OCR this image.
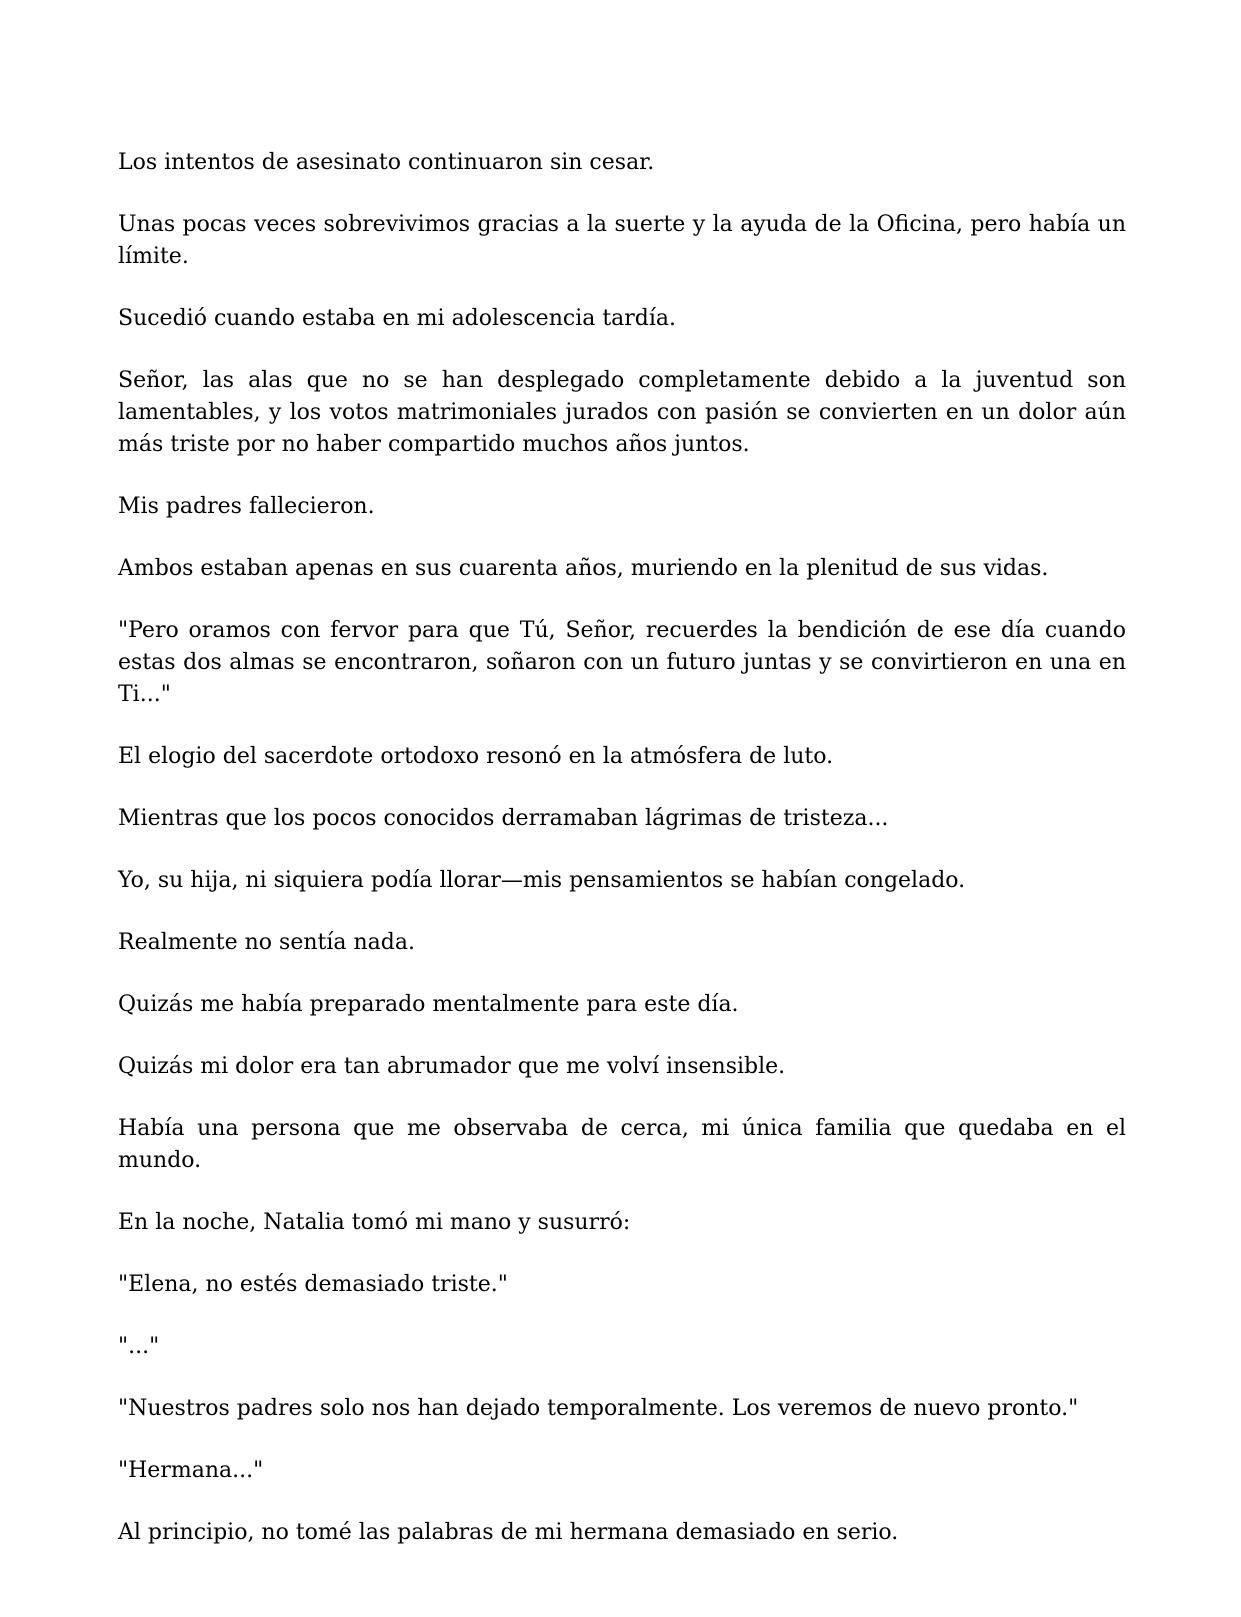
Los intentos de asesinato continuaron sin cesar.

Unas pocas veces sobrevivimos gracias a la suerte y la ayuda de la Oficina, pero había un límite.

Sucedió cuando estaba en mi adolescencia tardía.

Señor, las alas que no se han desplegado completamente debido a la juventud son lamentables, y los votos matrimoniales jurados con pasión se convierten en un dolor aún más triste por no haber compartido muchos años juntos.

Mis padres fallecieron.

Ambos estaban apenas en sus cuarenta años, muriendo en la plenitud de sus vidas.

"Pero oramos con fervor para que Tú, Señor, recuerdes la bendición de ese día cuando estas dos almas se encontraron, soñaron con un futuro juntas y se convirtieron en una en Ti..."

El elogio del sacerdote ortodoxo resonó en la atmósfera de luto.

Mientras que los pocos conocidos derramaban lágrimas de tristeza...

Yo, su hija, ni siquiera podía llorar—mis pensamientos se habían congelado.

Realmente no sentía nada.

Quizás me había preparado mentalmente para este día.

Quizás mi dolor era tan abrumador que me volví insensible.

Había una persona que me observaba de cerca, mi única familia que quedaba en el mundo.

En la noche, Natalia tomó mi mano y susurró:

"Elena, no estés demasiado triste."

"..."

"Nuestros padres solo nos han dejado temporalmente. Los veremos de nuevo pronto."

"Hermana..."

Al principio, no tomé las palabras de mi hermana demasiado en serio.
